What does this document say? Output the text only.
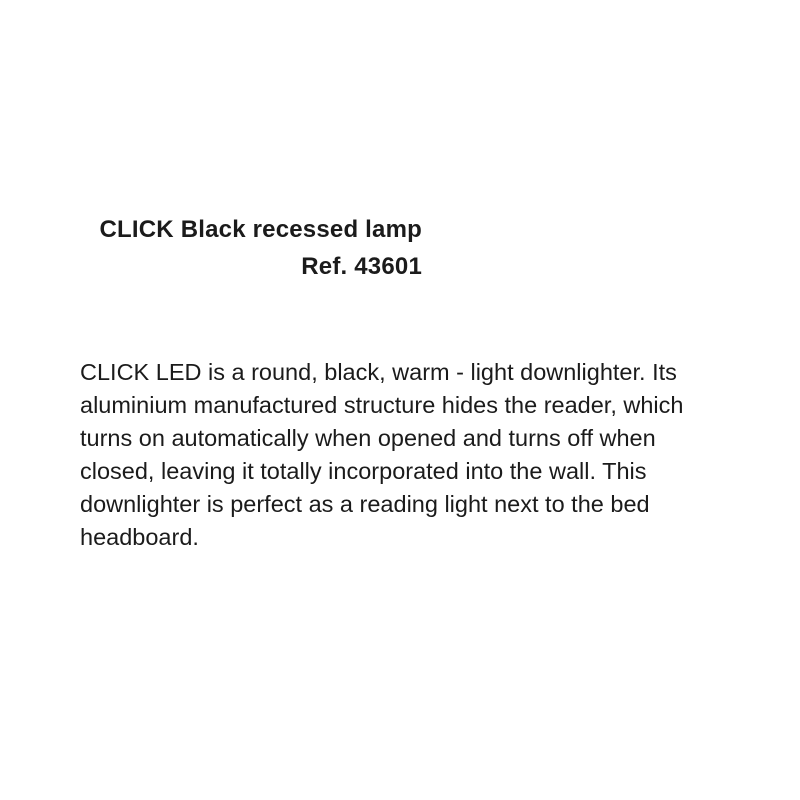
CLICK Black recessed lamp
Ref. 43601

CLICK LED is a round, black, warm - light downlighter. Its aluminium manufactured structure hides the reader, which turns on automatically when opened and turns off when closed, leaving it totally incorporated into the wall. This downlighter is perfect as a reading light next to the bed headboard.
